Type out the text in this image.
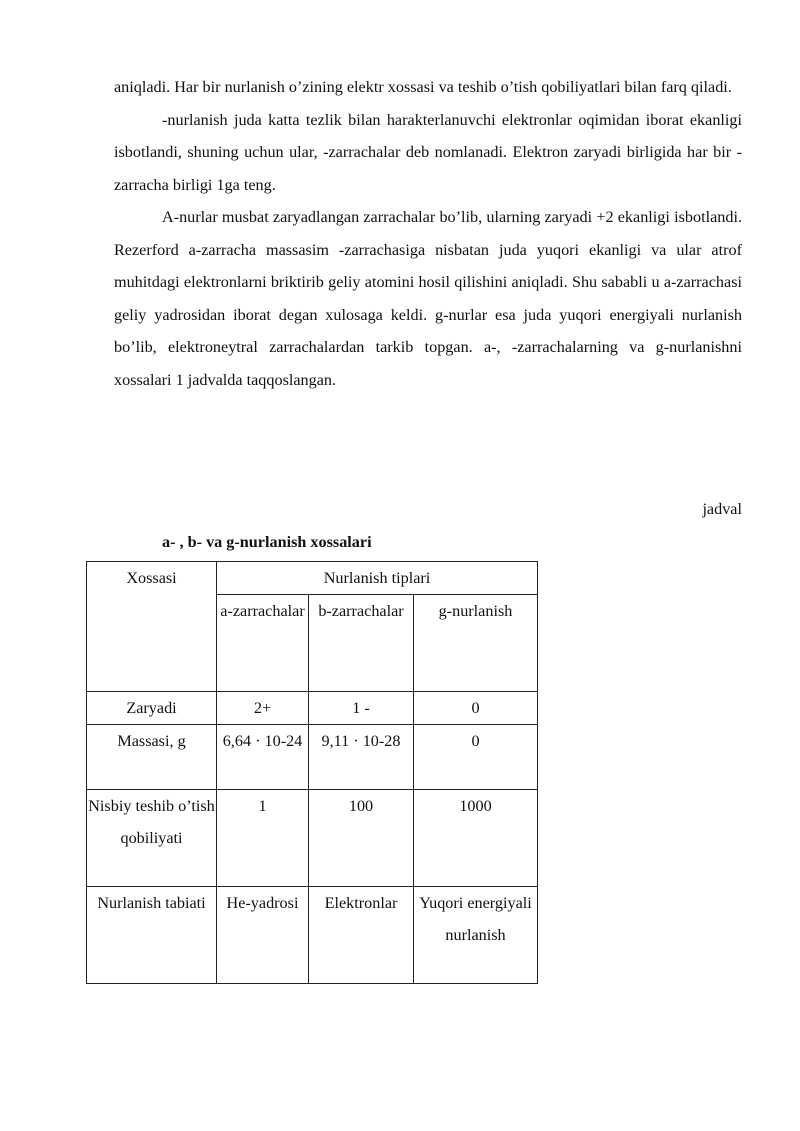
aniqladi. Har bir nurlanish o’zining elektr xossasi va teshib o’tish qobiliyatlari bilan farq qiladi.

-nurlanish juda katta tezlik bilan harakterlanuvchi elektronlar oqimidan iborat ekanligi isbotlandi, shuning uchun ular, -zarrachalar deb nomlanadi. Elektron zaryadi birligida har bir -zarracha birligi 1ga teng.

A-nurlar musbat zaryadlangan zarrachalar bo’lib, ularning zaryadi +2 ekanligi isbotlandi. Rezerford a-zarracha massasim -zarrachasiga nisbatan juda yuqori ekanligi va ular atrof muhitdagi elektronlarni briktirib geliy atomini hosil qilishini aniqladi. Shu sababli u a-zarrachasi geliy yadrosidan iborat degan xulosaga keldi. g-nurlar esa juda yuqori energiyali nurlanish bo’lib, elektroneytral zarrachalardan tarkib topgan. a-, -zarrachalarning va g-nurlanishni xossalari 1 jadvalda taqqoslangan.

jadval
a- , b- va g-nurlanish xossalari
Xossasi	Nurlanish tiplari		
	a-zarrachalar	b-zarrachalar	g-nurlanish
Zaryadi	2+	1 -	0
Massasi, g	6,64 · 10-24	9,11 · 10-28	0
Nisbiy teshib o’tish qobiliyati	1	100	1000
Nurlanish tabiati	He-yadrosi	Elektronlar	Yuqori energiyali nurlanish
